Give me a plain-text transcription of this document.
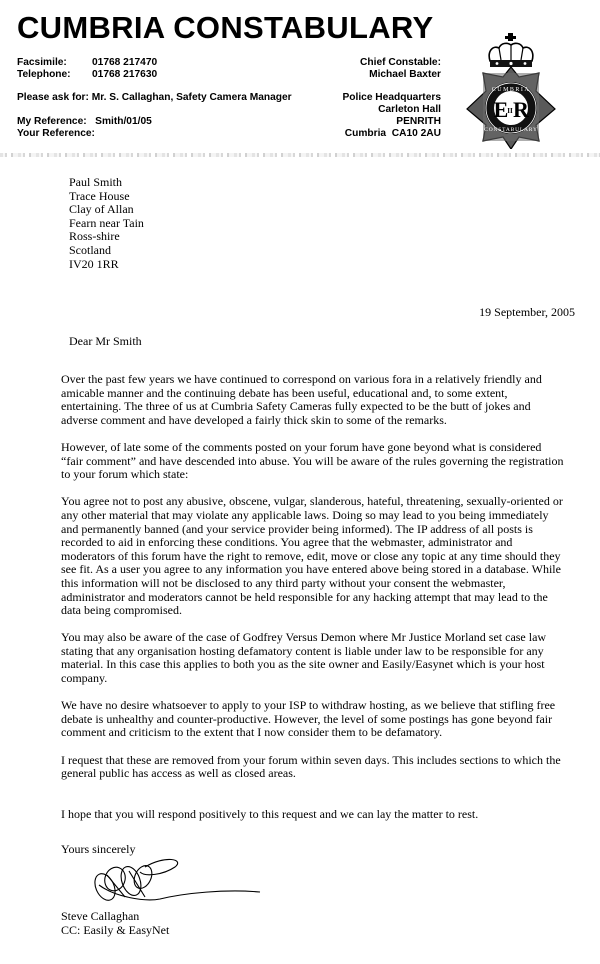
CUMBRIA CONSTABULARY
Facsimile: 01768 217470
Telephone: 01768 217630
Please ask for: Mr. S. Callaghan, Safety Camera Manager
My Reference: Smith/01/05
Your Reference:
Chief Constable:
Michael Baxter
Police Headquarters
Carleton Hall
PENRITH
Cumbria  CA10 2AU
CUMBRIA
CONSTABULARY
E R
II
Paul Smith
Trace House
Clay of Allan
Fearn near Tain
Ross-shire
Scotland
IV20 1RR
19 September, 2005
Dear Mr Smith

Over the past few years we have continued to correspond on various fora in a relatively friendly and amicable manner and the continuing debate has been useful, educational and, to some extent, entertaining. The three of us at Cumbria Safety Cameras fully expected to be the butt of jokes and adverse comment and have developed a fairly thick skin to some of the remarks.

However, of late some of the comments posted on your forum have gone beyond what is considered “fair comment” and have descended into abuse. You will be aware of the rules governing the registration to your forum which state:

You agree not to post any abusive, obscene, vulgar, slanderous, hateful, threatening, sexually-oriented or any other material that may violate any applicable laws. Doing so may lead to you being immediately and permanently banned (and your service provider being informed). The IP address of all posts is recorded to aid in enforcing these conditions. You agree that the webmaster, administrator and moderators of this forum have the right to remove, edit, move or close any topic at any time should they see fit. As a user you agree to any information you have entered above being stored in a database. While this information will not be disclosed to any third party without your consent the webmaster, administrator and moderators cannot be held responsible for any hacking attempt that may lead to the data being compromised.

You may also be aware of the case of Godfrey Versus Demon where Mr Justice Morland set case law stating that any organisation hosting defamatory content is liable under law to be responsible for any material. In this case this applies to both you as the site owner and Easily/Easynet which is your host company.

We have no desire whatsoever to apply to your ISP to withdraw hosting, as we believe that stifling free debate is unhealthy and counter-productive. However, the level of some postings has gone beyond fair comment and criticism to the extent that I now consider them to be defamatory.

I request that these are removed from your forum within seven days. This includes sections to which the general public has access as well as closed areas.

I hope that you will respond positively to this request and we can lay the matter to rest.

Yours sincerely
Steve Callaghan
CC: Easily & EasyNet
